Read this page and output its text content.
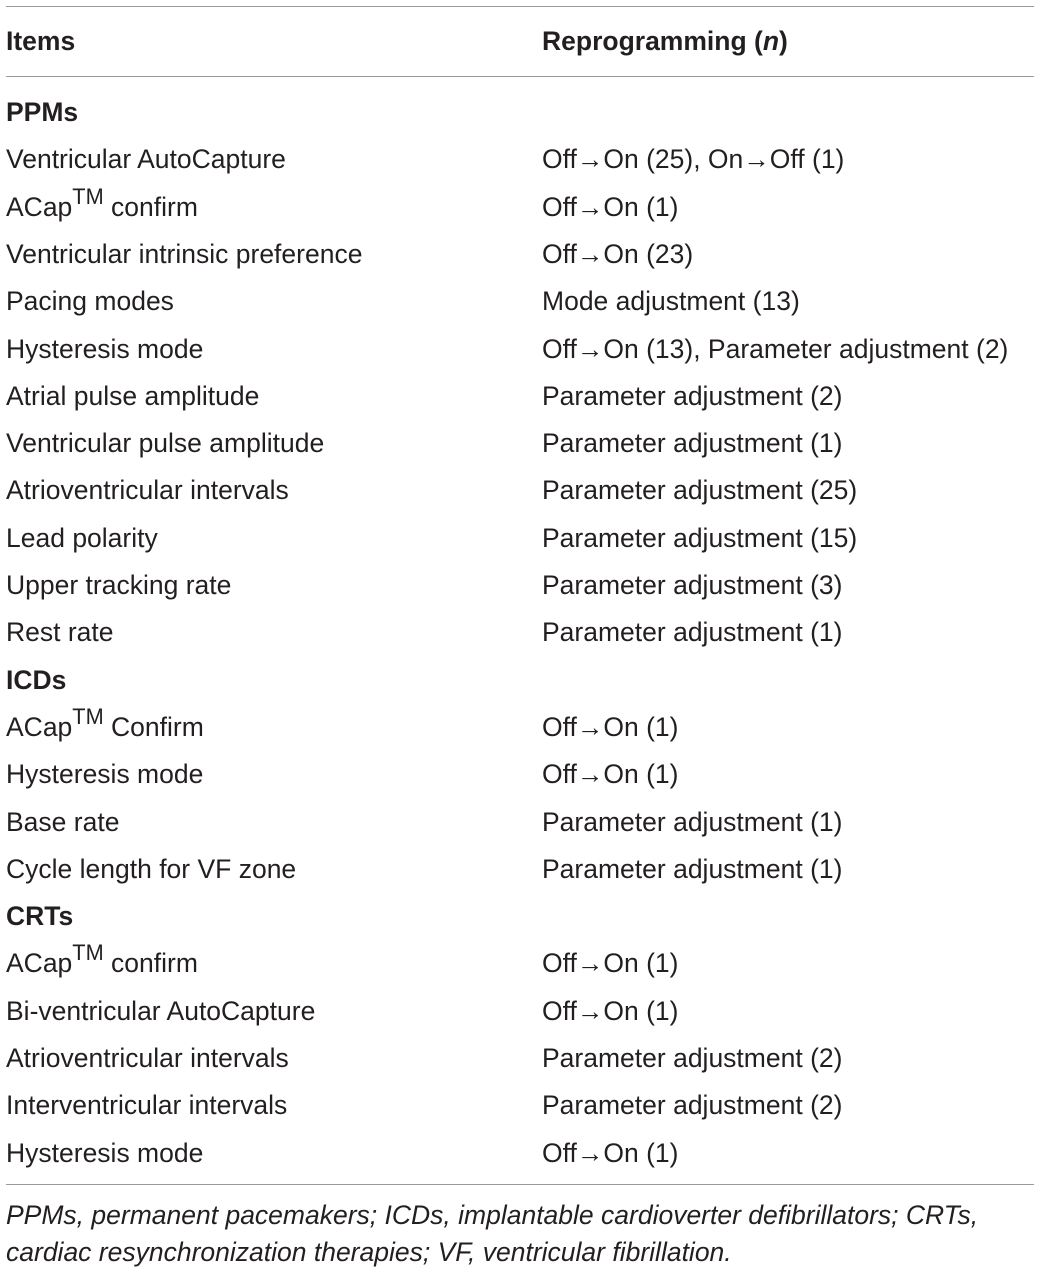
Items	Reprogramming (n)
PPMs
Ventricular AutoCapture	Off→On (25), On→Off (1)
ACap™ confirm	Off→On (1)
Ventricular intrinsic preference	Off→On (23)
Pacing modes	Mode adjustment (13)
Hysteresis mode	Off→On (13), Parameter adjustment (2)
Atrial pulse amplitude	Parameter adjustment (2)
Ventricular pulse amplitude	Parameter adjustment (1)
Atrioventricular intervals	Parameter adjustment (25)
Lead polarity	Parameter adjustment (15)
Upper tracking rate	Parameter adjustment (3)
Rest rate	Parameter adjustment (1)
ICDs
ACap™ Confirm	Off→On (1)
Hysteresis mode	Off→On (1)
Base rate	Parameter adjustment (1)
Cycle length for VF zone	Parameter adjustment (1)
CRTs
ACap™ confirm	Off→On (1)
Bi-ventricular AutoCapture	Off→On (1)
Atrioventricular intervals	Parameter adjustment (2)
Interventricular intervals	Parameter adjustment (2)
Hysteresis mode	Off→On (1)
PPMs, permanent pacemakers; ICDs, implantable cardioverter defibrillators; CRTs,
cardiac resynchronization therapies; VF, ventricular fibrillation.
